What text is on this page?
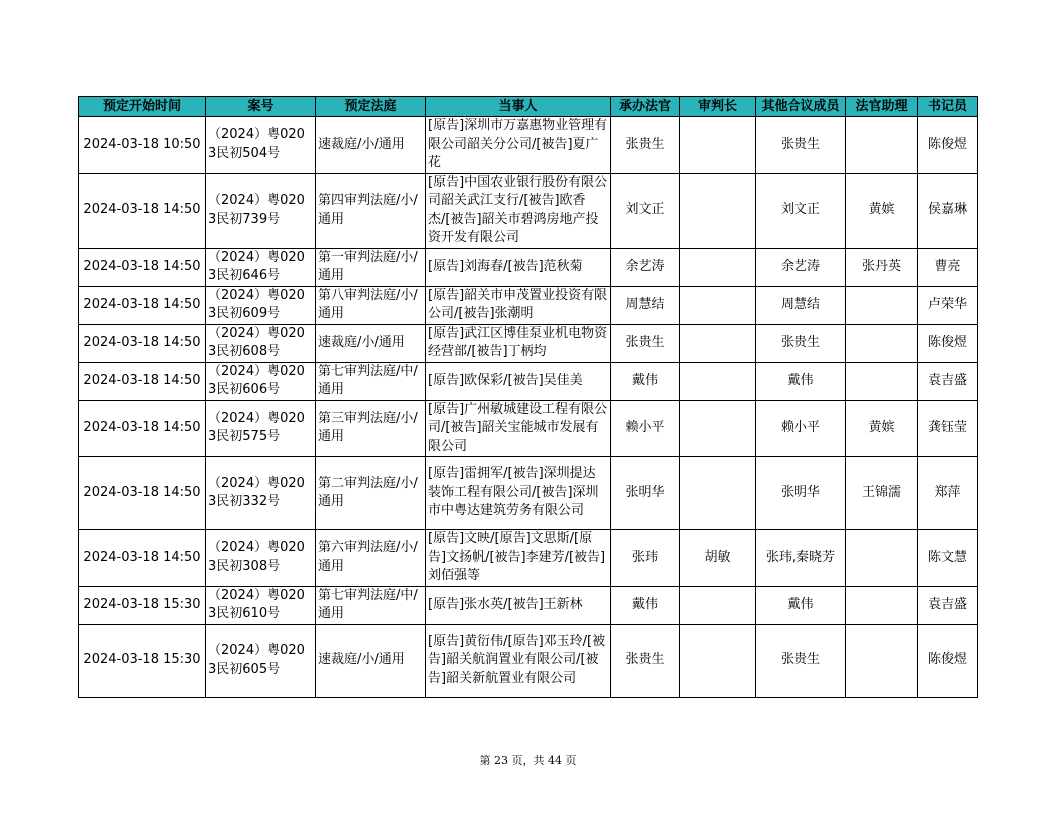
预定开始时间	案号	预定法庭	当事人	承办法官	审判长	其他合议成员	法官助理	书记员
2024-03-18 10:50	（2024）粤0203民初504号	速裁庭/小/通用	[原告]深圳市万嘉惠物业管理有限公司韶关分公司/[被告]夏广花	张贵生		张贵生		陈俊煜
2024-03-18 14:50	（2024）粤0203民初739号	第四审判法庭/小/通用	[原告]中国农业银行股份有限公司韶关武江支行/[被告]欧香杰/[被告]韶关市碧鸿房地产投资开发有限公司	刘文正		刘文正	黄嫔	侯嘉琳
2024-03-18 14:50	（2024）粤0203民初646号	第一审判法庭/小/通用	[原告]刘海春/[被告]范秋菊	余艺涛		余艺涛	张丹英	曹亮
2024-03-18 14:50	（2024）粤0203民初609号	第八审判法庭/小/通用	[原告]韶关市申茂置业投资有限公司/[被告]张潮明	周慧结		周慧结		卢荣华
2024-03-18 14:50	（2024）粤0203民初608号	速裁庭/小/通用	[原告]武江区博佳泵业机电物资经营部/[被告]丁柄均	张贵生		张贵生		陈俊煜
2024-03-18 14:50	（2024）粤0203民初606号	第七审判法庭/中/通用	[原告]欧保彩/[被告]吴佳美	戴伟		戴伟		袁吉盛
2024-03-18 14:50	（2024）粤0203民初575号	第三审判法庭/小/通用	[原告]广州敏城建设工程有限公司/[被告]韶关宝能城市发展有限公司	赖小平		赖小平	黄嫔	龚钰莹
2024-03-18 14:50	（2024）粤0203民初332号	第二审判法庭/小/通用	[原告]雷拥军/[被告]深圳提达装饰工程有限公司/[被告]深圳市中粤达建筑劳务有限公司	张明华		张明华	王锦濡	郑萍
2024-03-18 14:50	（2024）粤0203民初308号	第六审判法庭/小/通用	[原告]文映/[原告]文思斯/[原告]文扬帆/[被告]李建芳/[被告]刘佰强等	张玮	胡敏	张玮,秦晓芳		陈文慧
2024-03-18 15:30	（2024）粤0203民初610号	第七审判法庭/中/通用	[原告]张水英/[被告]王新林	戴伟		戴伟		袁吉盛
2024-03-18 15:30	（2024）粤0203民初605号	速裁庭/小/通用	[原告]黄衍伟/[原告]邓玉玲/[被告]韶关航润置业有限公司/[被告]韶关新航置业有限公司	张贵生		张贵生		陈俊煜
第 23 页，共 44 页
